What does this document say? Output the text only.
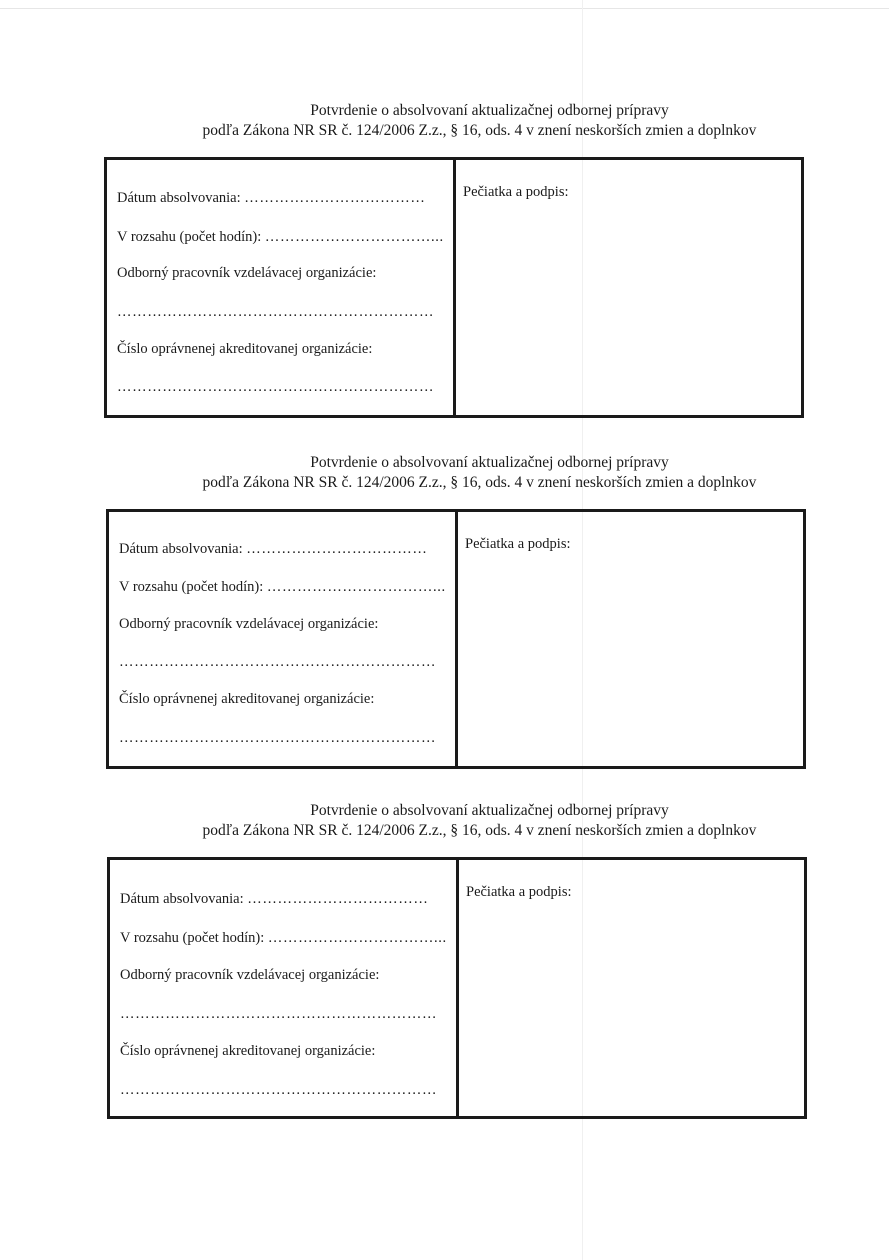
Potvrdenie o absolvovaní aktualizačnej odbornej prípravy
podľa Zákona NR SR č. 124/2006 Z.z., § 16, ods. 4 v znení neskorších zmien a doplnkov
Dátum absolvovania: ………………………………
V rozsahu (počet hodín): ……………………………...
Odborný pracovník vzdelávacej organizácie:
………………………………………………………
Číslo oprávnenej akreditovanej organizácie:
………………………………………………………
Pečiatka a podpis:
Potvrdenie o absolvovaní aktualizačnej odbornej prípravy
podľa Zákona NR SR č. 124/2006 Z.z., § 16, ods. 4 v znení neskorších zmien a doplnkov
Dátum absolvovania: ………………………………
V rozsahu (počet hodín): ……………………………...
Odborný pracovník vzdelávacej organizácie:
………………………………………………………
Číslo oprávnenej akreditovanej organizácie:
………………………………………………………
Pečiatka a podpis:
Potvrdenie o absolvovaní aktualizačnej odbornej prípravy
podľa Zákona NR SR č. 124/2006 Z.z., § 16, ods. 4 v znení neskorších zmien a doplnkov
Dátum absolvovania: ………………………………
V rozsahu (počet hodín): ……………………………...
Odborný pracovník vzdelávacej organizácie:
………………………………………………………
Číslo oprávnenej akreditovanej organizácie:
………………………………………………………
Pečiatka a podpis:
